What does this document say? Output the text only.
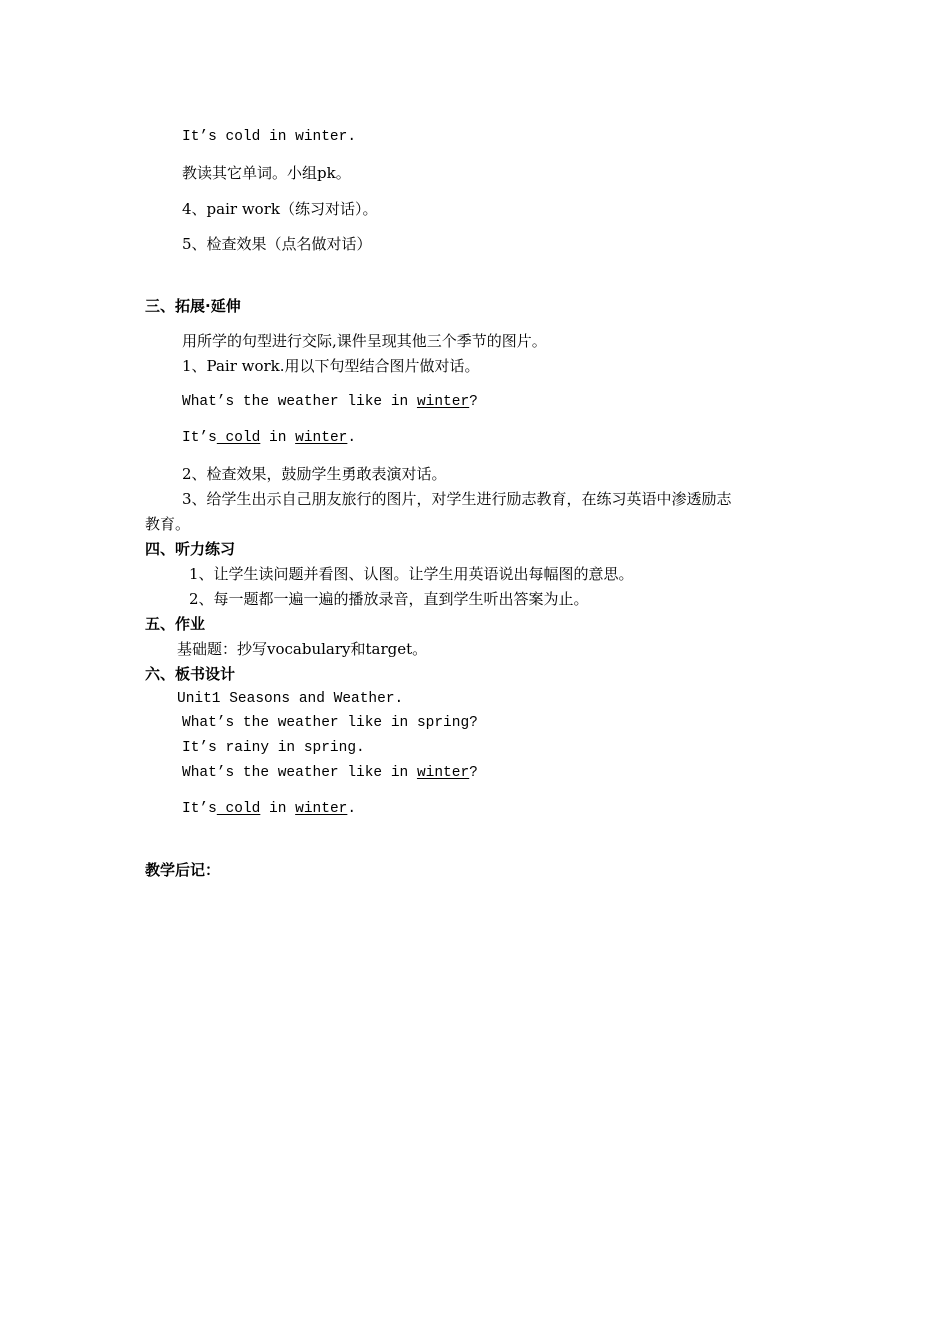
It’s cold in winter.
教读其它单词。小组pk。
4、pair work（练习对话）。
5、检查效果（点名做对话）
三、拓展·延伸
用所学的句型进行交际,课件呈现其他三个季节的图片。
1、Pair work.用以下句型结合图片做对话。
What’s the weather like in winter?
It’s cold in winter.
2、检查效果，鼓励学生勇敢表演对话。
3、给学生出示自己朋友旅行的图片，对学生进行励志教育，在练习英语中渗透励志
教育。
四、听力练习
1、让学生读问题并看图、认图。让学生用英语说出每幅图的意思。
2、每一题都一遍一遍的播放录音，直到学生听出答案为止。
五、作业
基础题：抄写vocabulary和target。
六、板书设计
Unit1 Seasons and Weather.
What’s the weather like in spring?
It’s rainy in spring.
What’s the weather like in winter?
It’s cold in winter.
教学后记：
